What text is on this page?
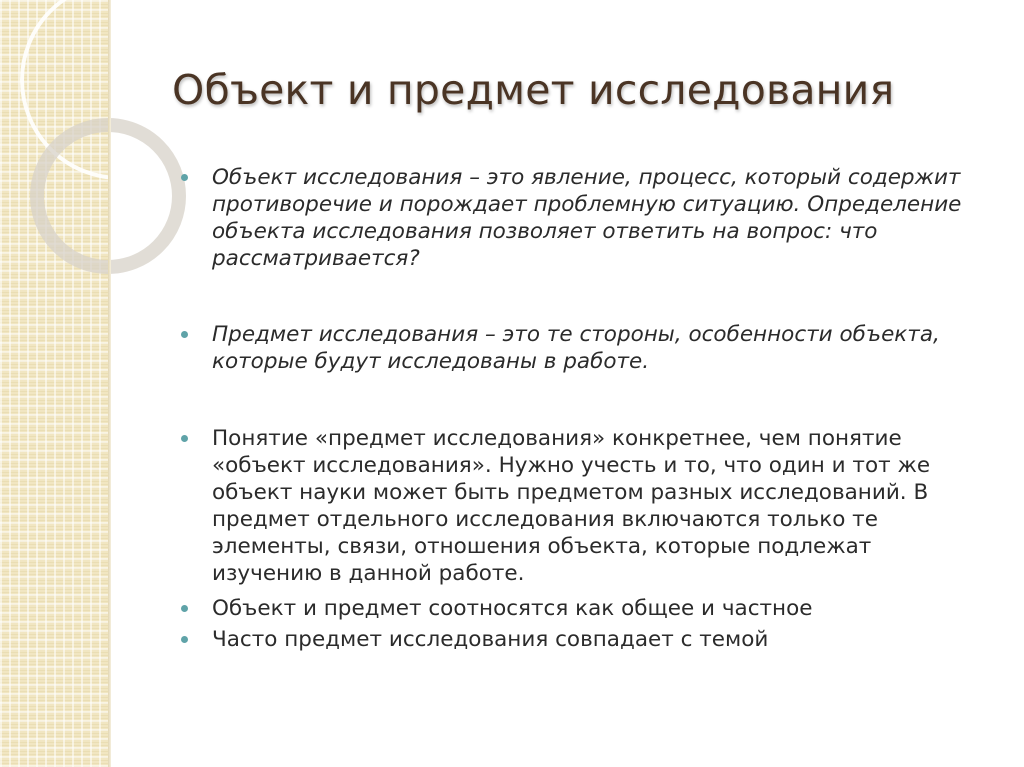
Объект и предмет исследования
Объект исследования – это явление, процесс, который содержит противоречие и порождает проблемную ситуацию. Определение объекта исследования позволяет ответить на вопрос: что рассматривается?
Предмет исследования – это те стороны, особенности объекта, которые будут исследованы в работе.
Понятие «предмет исследования» конкретнее, чем понятие «объект исследования». Нужно учесть и то, что один и тот же объект науки может быть предметом разных исследований. В предмет отдельного исследования включаются только те элементы, связи, отношения объекта, которые подлежат изучению в данной работе.
Объект и предмет соотносятся как общее и частное
Часто предмет исследования совпадает с темой
